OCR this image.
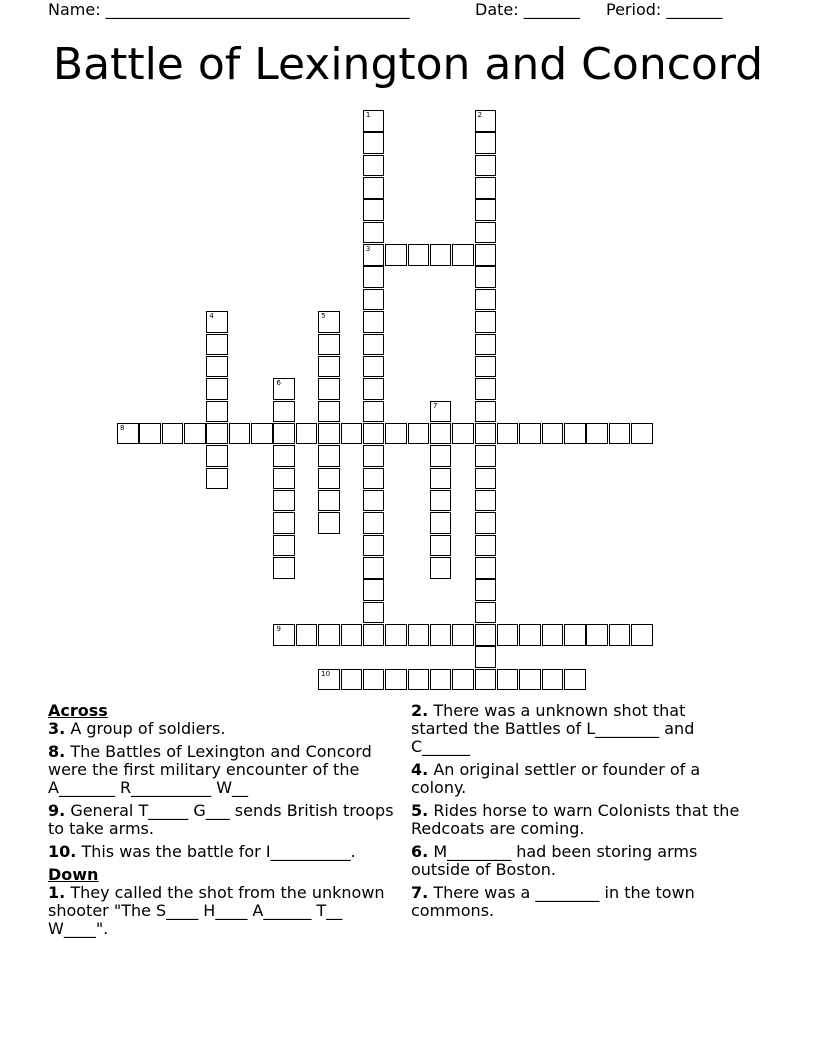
Name: ______________________________________	Date: _______ Period: _______
Battle of Lexington and Concord
1
3
2
4	5
6
7
8
9
10

Across

3. A group of soldiers.
8. The Battles of Lexington and Concord were the first military encounter of the A_______ R__________ W__
9. General T_____ G___ sends British troops to take arms.
10. This was the battle for I__________.

Down

1. They called the shot from the unknown shooter "The S____ H____ A______ T__ W____".
2. There was a unknown shot that started the Battles of L________ and C______
4. An original settler or founder of a colony.
5. Rides horse to warn Colonists that the Redcoats are coming.
6. M________ had been storing arms outside of Boston.
7. There was a ________ in the town commons.
